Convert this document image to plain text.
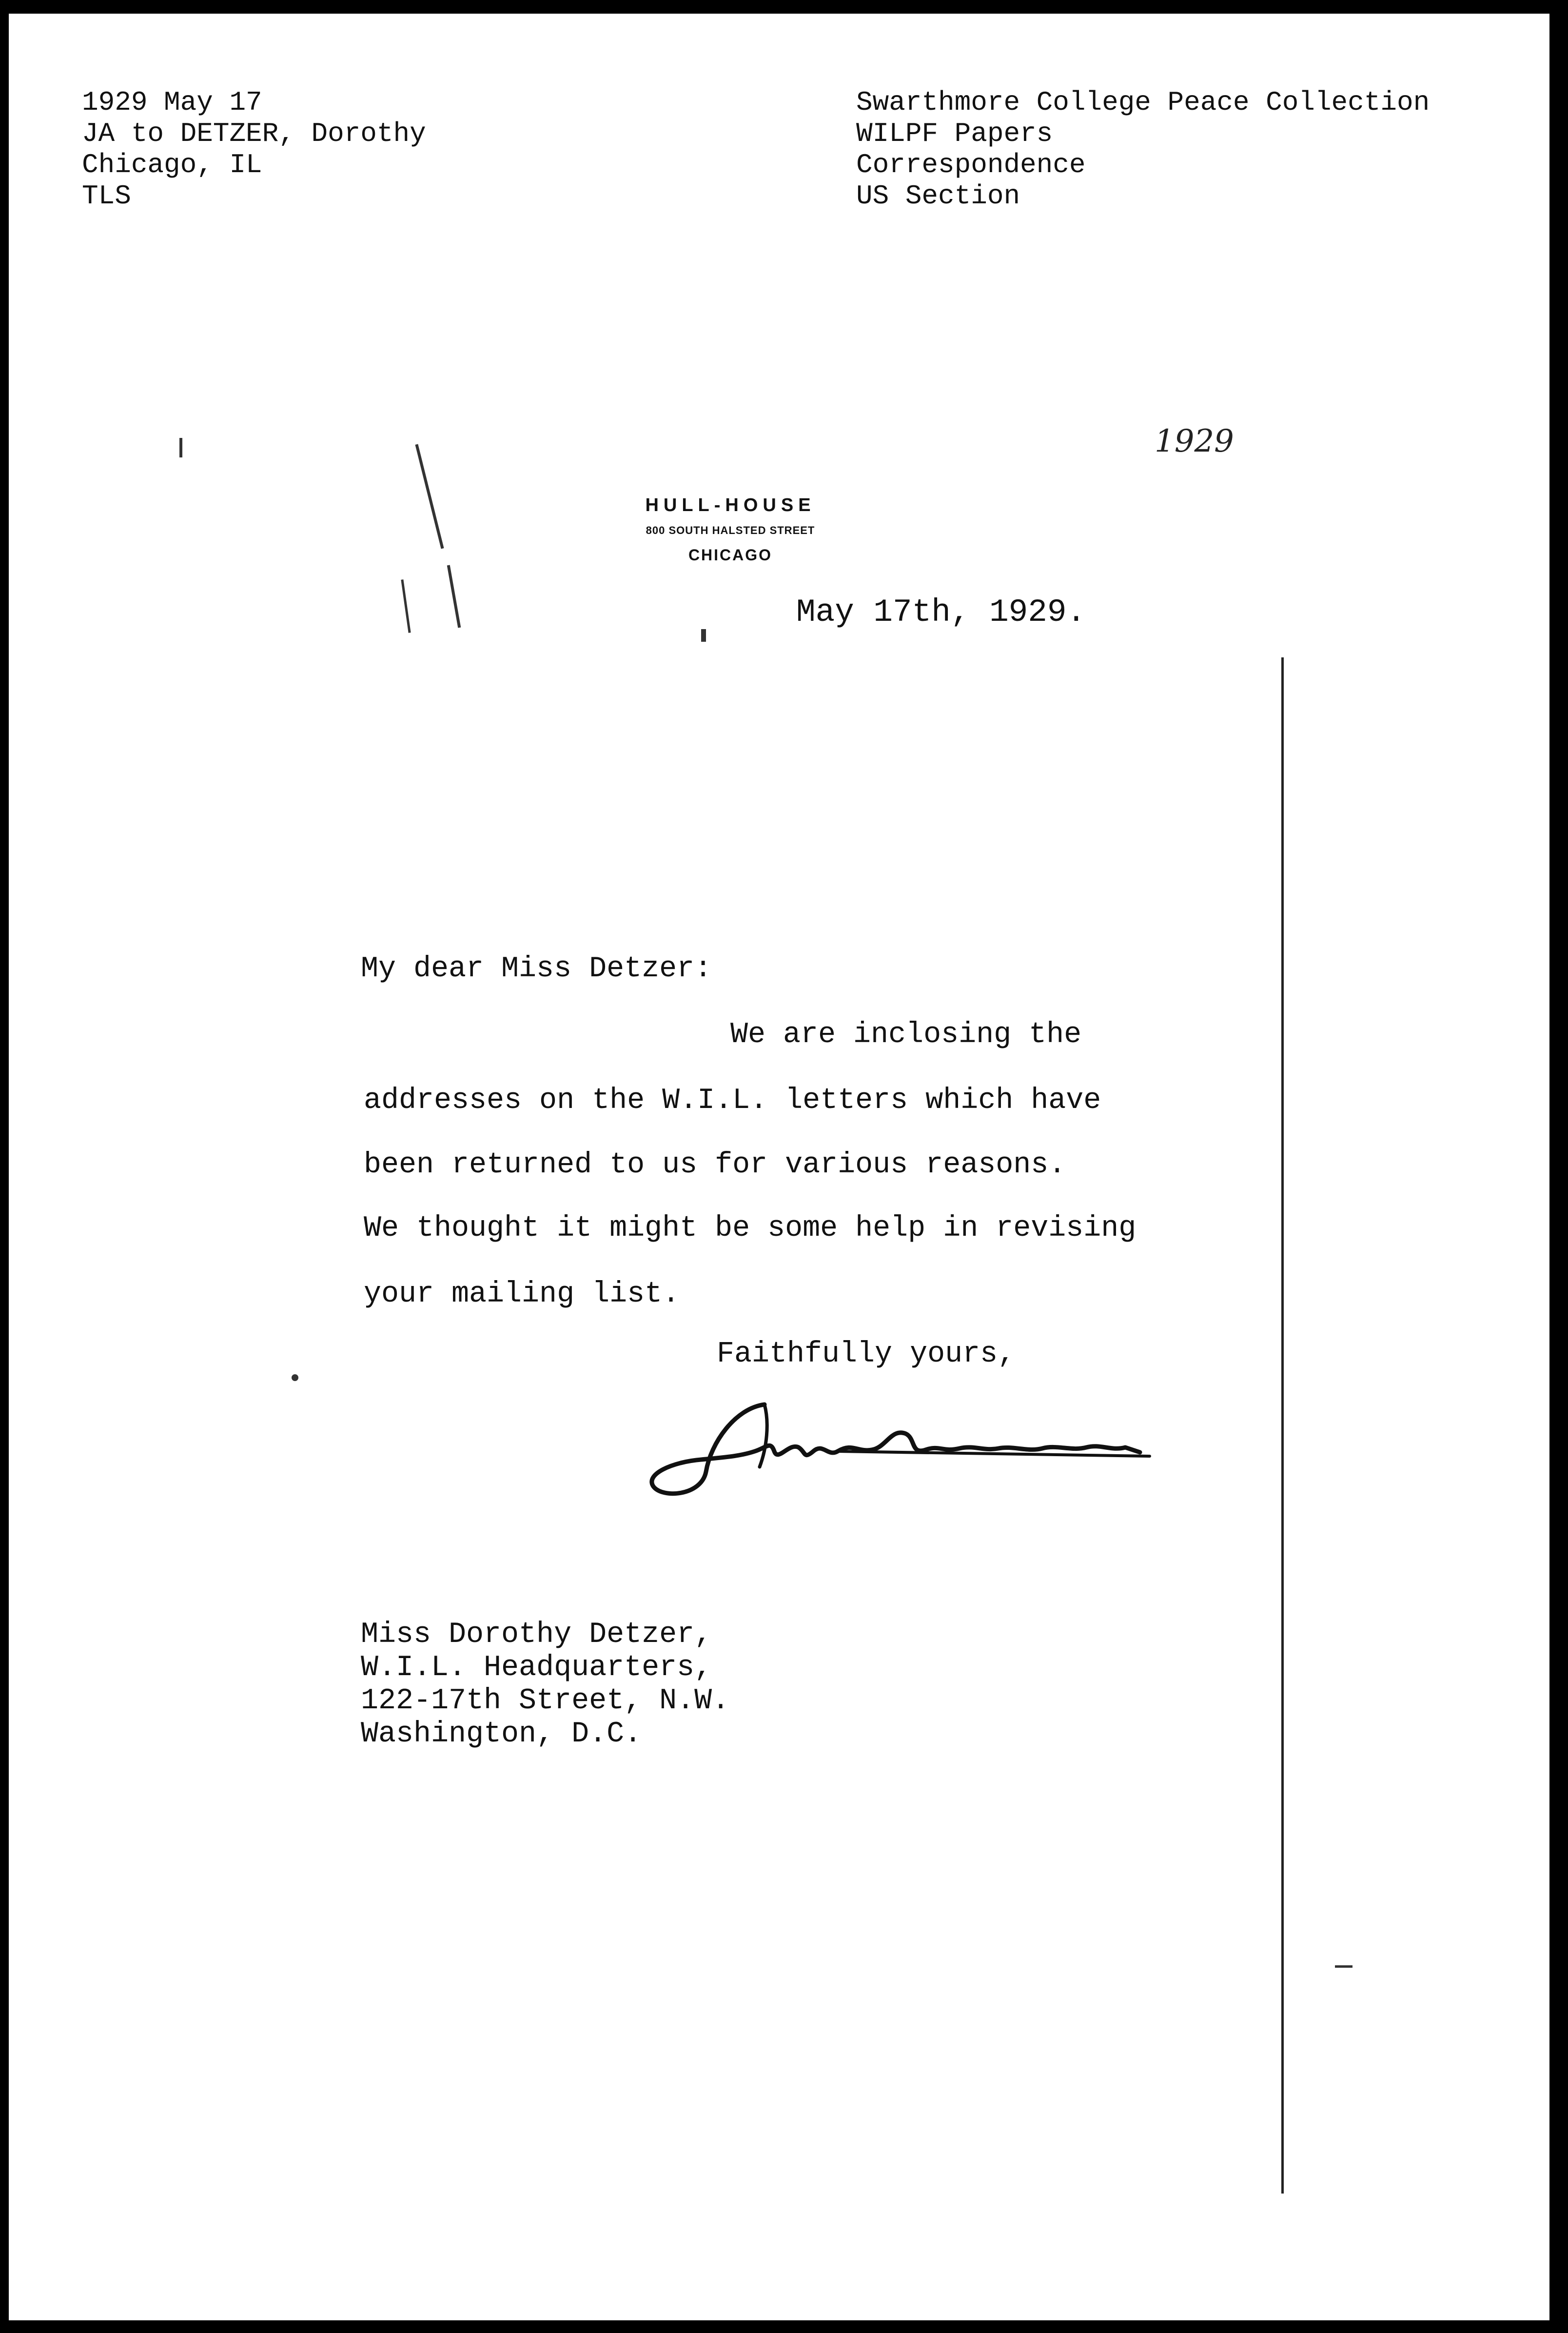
1929 May 17
JA to DETZER, Dorothy
Chicago, IL
TLS
Swarthmore College Peace Collection
WILPF Papers
Correspondence
US Section
1929
HULL-HOUSE
800 SOUTH HALSTED STREET
CHICAGO
May 17th, 1929.
My dear Miss Detzer:
We are inclosing the
addresses on the W.I.L. letters which have
been returned to us for various reasons.
We thought it might be some help in revising
your mailing list.
Faithfully yours,
Miss Dorothy Detzer,
W.I.L. Headquarters,
122-17th Street, N.W.
Washington, D.C.
